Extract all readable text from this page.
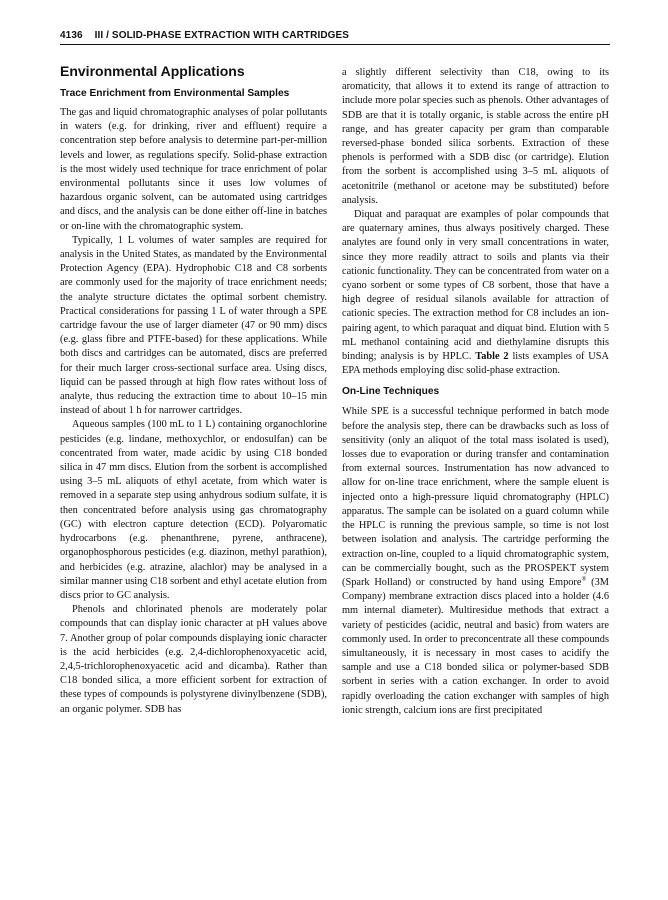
4136 III / SOLID-PHASE EXTRACTION WITH CARTRIDGES
Environmental Applications
Trace Enrichment from Environmental Samples

The gas and liquid chromatographic analyses of polar pollutants in waters (e.g. for drinking, river and effluent) require a concentration step before analysis to determine part-per-million levels and lower, as regulations specify. Solid-phase extraction is the most widely used technique for trace enrichment of polar environmental pollutants since it uses low volumes of hazardous organic solvent, can be automated using cartridges and discs, and the analysis can be done either off-line in batches or on-line with the chromatographic system.

Typically, 1 L volumes of water samples are required for analysis in the United States, as mandated by the Environmental Protection Agency (EPA). Hydrophobic C18 and C8 sorbents are commonly used for the majority of trace enrichment needs; the analyte structure dictates the optimal sorbent chemistry. Practical considerations for passing 1 L of water through a SPE cartridge favour the use of larger diameter (47 or 90 mm) discs (e.g. glass fibre and PTFE-based) for these applications. While both discs and cartridges can be automated, discs are preferred for their much larger cross-sectional surface area. Using discs, liquid can be passed through at high flow rates without loss of analyte, thus reducing the extraction time to about 10–15 min instead of about 1 h for narrower cartridges.

Aqueous samples (100 mL to 1 L) containing organochlorine pesticides (e.g. lindane, methoxychlor, or endosulfan) can be concentrated from water, made acidic by using C18 bonded silica in 47 mm discs. Elution from the sorbent is accomplished using 3–5 mL aliquots of ethyl acetate, from which water is removed in a separate step using anhydrous sodium sulfate, it is then concentrated before analysis using gas chromatography (GC) with electron capture detection (ECD). Polyaromatic hydrocarbons (e.g. phenanthrene, pyrene, anthracene), organophosphorous pesticides (e.g. diazinon, methyl parathion), and herbicides (e.g. atrazine, alachlor) may be analysed in a similar manner using C18 sorbent and ethyl acetate elution from discs prior to GC analysis.

Phenols and chlorinated phenols are moderately polar compounds that can display ionic character at pH values above 7. Another group of polar compounds displaying ionic character is the acid herbicides (e.g. 2,4-dichlorophenoxyacetic acid, 2,4,5-trichlorophenoxyacetic acid and dicamba). Rather than C18 bonded silica, a more efficient sorbent for extraction of these types of compounds is polystyrene divinylbenzene (SDB), an organic polymer. SDB has

a slightly different selectivity than C18, owing to its aromaticity, that allows it to extend its range of attraction to include more polar species such as phenols. Other advantages of SDB are that it is totally organic, is stable across the entire pH range, and has greater capacity per gram than comparable reversed-phase bonded silica sorbents. Extraction of these phenols is performed with a SDB disc (or cartridge). Elution from the sorbent is accomplished using 3–5 mL aliquots of acetonitrile (methanol or acetone may be substituted) before analysis.

Diquat and paraquat are examples of polar compounds that are quaternary amines, thus always positively charged. These analytes are found only in very small concentrations in water, since they more readily attract to soils and plants via their cationic functionality. They can be concentrated from water on a cyano sorbent or some types of C8 sorbent, those that have a high degree of residual silanols available for attraction of cationic species. The extraction method for C8 includes an ion-pairing agent, to which paraquat and diquat bind. Elution with 5 mL methanol containing acid and diethylamine disrupts this binding; analysis is by HPLC. Table 2 lists examples of USA EPA methods employing disc solid-phase extraction.

On-Line Techniques

While SPE is a successful technique performed in batch mode before the analysis step, there can be drawbacks such as loss of sensitivity (only an aliquot of the total mass isolated is used), losses due to evaporation or during transfer and contamination from external sources. Instrumentation has now advanced to allow for on-line trace enrichment, where the sample eluent is injected onto a high-pressure liquid chromatography (HPLC) apparatus. The sample can be isolated on a guard column while the HPLC is running the previous sample, so time is not lost between isolation and analysis. The cartridge performing the extraction on-line, coupled to a liquid chromatographic system, can be commercially bought, such as the PROSPEKT system (Spark Holland) or constructed by hand using Empore® (3M Company) membrane extraction discs placed into a holder (4.6 mm internal diameter). Multiresidue methods that extract a variety of pesticides (acidic, neutral and basic) from waters are commonly used. In order to preconcentrate all these compounds simultaneously, it is necessary in most cases to acidify the sample and use a C18 bonded silica or polymer-based SDB sorbent in series with a cation exchanger. In order to avoid rapidly overloading the cation exchanger with samples of high ionic strength, calcium ions are first precipitated
